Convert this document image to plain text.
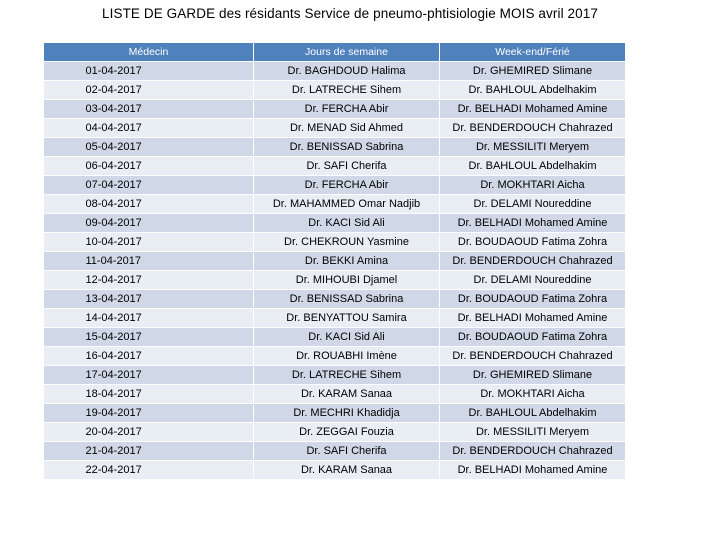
LISTE DE GARDE des résidants Service de pneumo-phtisiologie MOIS avril 2017
Médecin	Jours de semaine	Week-end/Férié
01-04-2017	Dr. BAGHDOUD Halima	Dr. GHEMIRED Slimane
02-04-2017	Dr. LATRECHE Sihem	Dr. BAHLOUL Abdelhakim
03-04-2017	Dr. FERCHA Abir	Dr. BELHADI Mohamed Amine
04-04-2017	Dr. MENAD Sid Ahmed	Dr. BENDERDOUCH Chahrazed
05-04-2017	Dr. BENISSAD Sabrina	Dr. MESSILITI Meryem
06-04-2017	Dr. SAFI Cherifa	Dr. BAHLOUL Abdelhakim
07-04-2017	Dr. FERCHA Abir	Dr. MOKHTARI Aicha
08-04-2017	Dr. MAHAMMED Omar Nadjib	Dr. DELAMI Noureddine
09-04-2017	Dr. KACI Sid Ali	Dr. BELHADI Mohamed Amine
10-04-2017	Dr. CHEKROUN Yasmine	Dr. BOUDAOUD Fatima Zohra
11-04-2017	Dr. BEKKI Amina	Dr. BENDERDOUCH Chahrazed
12-04-2017	Dr. MIHOUBI Djamel	Dr. DELAMI Noureddine
13-04-2017	Dr. BENISSAD Sabrina	Dr. BOUDAOUD Fatima Zohra
14-04-2017	Dr. BENYATTOU Samira	Dr. BELHADI Mohamed Amine
15-04-2017	Dr. KACI Sid Ali	Dr. BOUDAOUD Fatima Zohra
16-04-2017	Dr. ROUABHI Imène	Dr. BENDERDOUCH Chahrazed
17-04-2017	Dr. LATRECHE Sihem	Dr. GHEMIRED Slimane
18-04-2017	Dr. KARAM Sanaa	Dr. MOKHTARI Aicha
19-04-2017	Dr. MECHRI Khadidja	Dr. BAHLOUL Abdelhakim
20-04-2017	Dr. ZEGGAI Fouzia	Dr. MESSILITI Meryem
21-04-2017	Dr. SAFI Cherifa	Dr. BENDERDOUCH Chahrazed
22-04-2017	Dr. KARAM Sanaa	Dr. BELHADI Mohamed Amine
